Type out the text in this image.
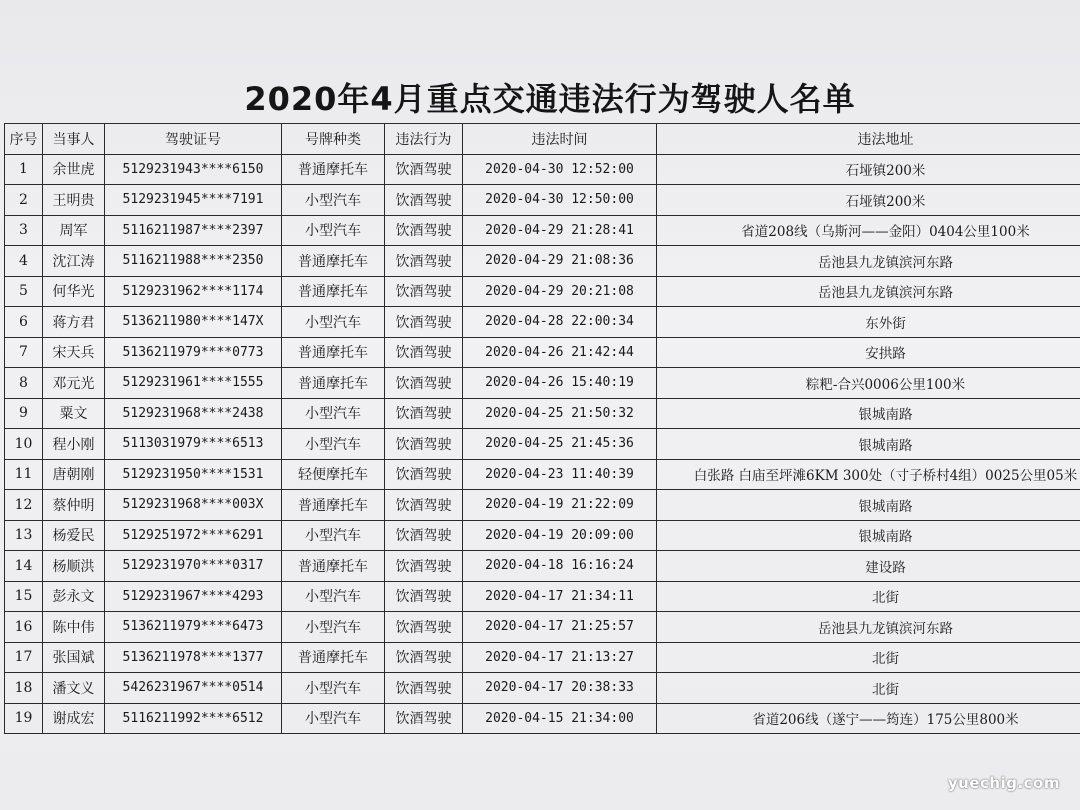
2020年4月重点交通违法行为驾驶人名单
序号	当事人	驾驶证号	号牌种类	违法行为	违法时间	违法地址
1	余世虎	5129231943****6150	普通摩托车	饮酒驾驶	2020-04-30 12:52:00	石垭镇200米
2	王明贵	5129231945****7191	小型汽车	饮酒驾驶	2020-04-30 12:50:00	石垭镇200米
3	周军	5116211987****2397	小型汽车	饮酒驾驶	2020-04-29 21:28:41	省道208线（乌斯河——金阳）0404公里100米
4	沈江涛	5116211988****2350	普通摩托车	饮酒驾驶	2020-04-29 21:08:36	岳池县九龙镇滨河东路
5	何华光	5129231962****1174	普通摩托车	饮酒驾驶	2020-04-29 20:21:08	岳池县九龙镇滨河东路
6	蒋方君	5136211980****147X	小型汽车	饮酒驾驶	2020-04-28 22:00:34	东外街
7	宋天兵	5136211979****0773	普通摩托车	饮酒驾驶	2020-04-26 21:42:44	安拱路
8	邓元光	5129231961****1555	普通摩托车	饮酒驾驶	2020-04-26 15:40:19	粽粑-合兴0006公里100米
9	粟文	5129231968****2438	小型汽车	饮酒驾驶	2020-04-25 21:50:32	银城南路
10	程小刚	5113031979****6513	小型汽车	饮酒驾驶	2020-04-25 21:45:36	银城南路
11	唐朝刚	5129231950****1531	轻便摩托车	饮酒驾驶	2020-04-23 11:40:39	白张路 白庙至坪滩6KM 300处（寸子桥村4组）0025公里05米
12	蔡仲明	5129231968****003X	普通摩托车	饮酒驾驶	2020-04-19 21:22:09	银城南路
13	杨爱民	5129251972****6291	小型汽车	饮酒驾驶	2020-04-19 20:09:00	银城南路
14	杨顺洪	5129231970****0317	普通摩托车	饮酒驾驶	2020-04-18 16:16:24	建设路
15	彭永文	5129231967****4293	小型汽车	饮酒驾驶	2020-04-17 21:34:11	北街
16	陈中伟	5136211979****6473	小型汽车	饮酒驾驶	2020-04-17 21:25:57	岳池县九龙镇滨河东路
17	张国斌	5136211978****1377	普通摩托车	饮酒驾驶	2020-04-17 21:13:27	北街
18	潘文义	5426231967****0514	小型汽车	饮酒驾驶	2020-04-17 20:38:33	北街
19	谢成宏	5116211992****6512	小型汽车	饮酒驾驶	2020-04-15 21:34:00	省道206线（遂宁——筠连）175公里800米
yuechig.com
